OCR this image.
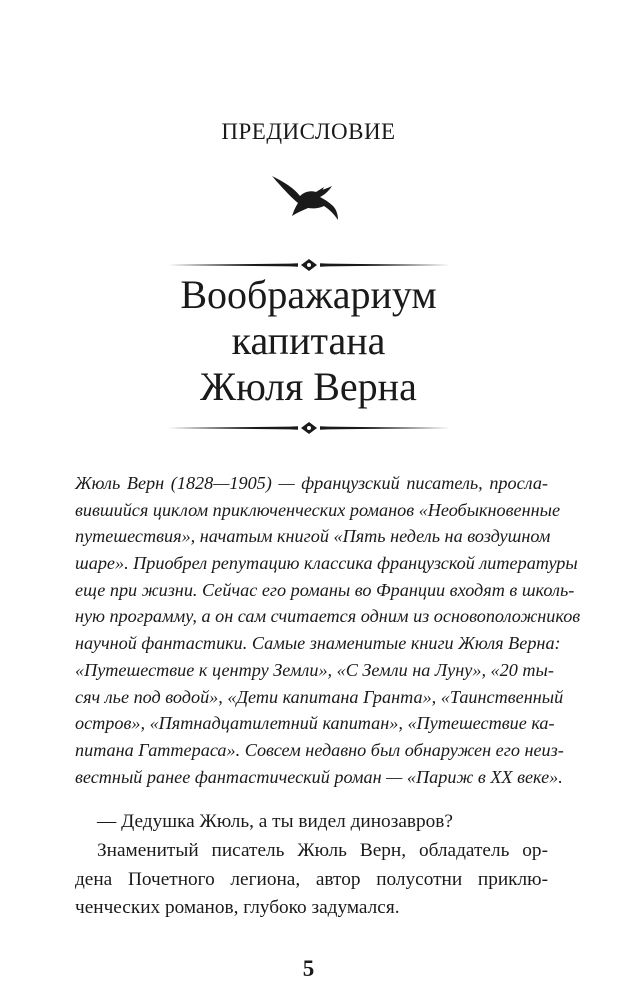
ПРЕДИСЛОВИЕ
Воображариум
капитана
Жюля Верна
Жюль Верн (1828—1905) — французский писатель, просла-
вившийся циклом приключенческих романов «Необыкновенные
путешествия», начатым книгой «Пять недель на воздушном
шаре». Приобрел репутацию классика французской литературы
еще при жизни. Сейчас его романы во Франции входят в школь-
ную программу, а он сам считается одним из основоположников
научной фантастики. Самые знаменитые книги Жюля Верна:
«Путешествие к центру Земли», «С Земли на Луну», «20 ты-
сяч лье под водой», «Дети капитана Гранта», «Таинственный
остров», «Пятнадцатилетний капитан», «Путешествие ка-
питана Гаттераса». Совсем недавно был обнаружен его неиз-
вестный ранее фантастический роман — «Париж в XX веке».
— Дедушка Жюль, а ты видел динозавров?
Знаменитый писатель Жюль Верн, обладатель ор-
дена Почетного легиона, автор полусотни приклю-
ченческих романов, глубоко задумался.
5
